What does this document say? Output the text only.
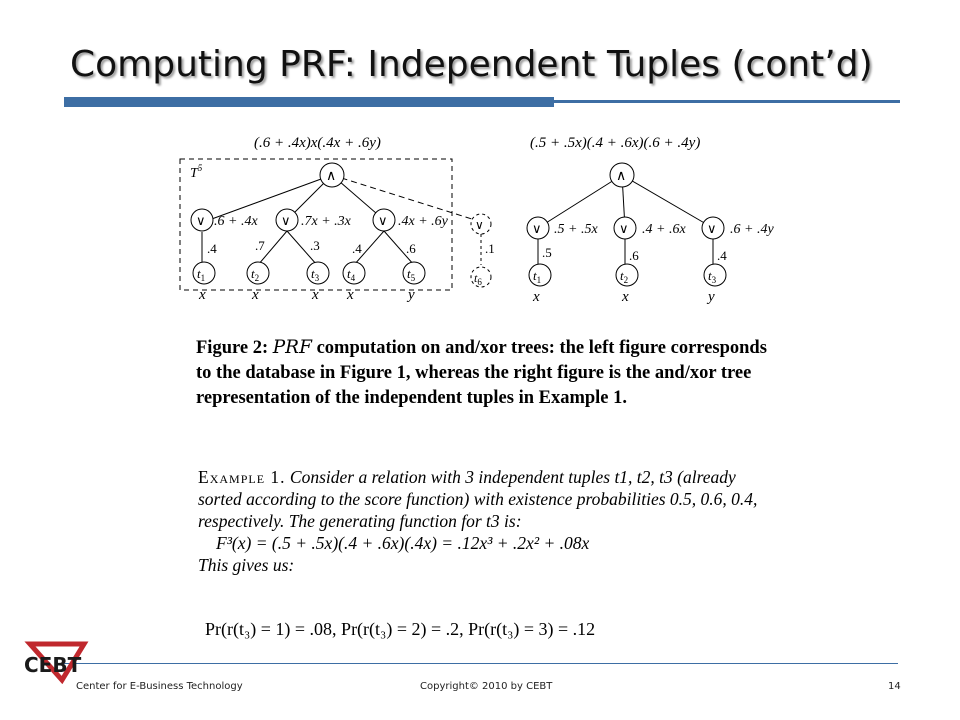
Computing PRF: Independent Tuples (cont’d)
(.6 + .4x)x(.4x + .6y)
$T^5$
∧
∨ .6 + .4x ∨ .7x + .3x ∨ .4x + .6y ∨
.4	.7	.3 .4	.6	.1
$t_1$	$t_2$	$t_3$ $t_4$	$t_5$	$t_6$
x	x	x x	y
(.5 + .5x)(.4 + .6x)(.6 + .4y)
∧
∨ .5 + .5x ∨ .4 + .6x ∨ .6 + .4y
.5	.6	.4
$t_1$	$t_2$	$t_3$
x	x	y
Figure 2: PRF computation on and/xor trees: the left figure corresponds to the database in Figure 1, whereas the right figure is the and/xor tree representation of the independent tuples in Example 1.
Example 1. Consider a relation with 3 independent tuples t1, t2, t3 (already sorted according to the score function) with existence probabilities 0.5, 0.6, 0.4, respectively. The generating function for t3 is:
F³(x) = (.5 + .5x)(.4 + .6x)(.4x) = .12x³ + .2x² + .08x
This gives us:
Pr(r(t₃) = 1) = .08, Pr(r(t₃) = 2) = .2, Pr(r(t₃) = 3) = .12
CEBT
Center for E-Business Technology	Copyright© 2010 by CEBT	14
